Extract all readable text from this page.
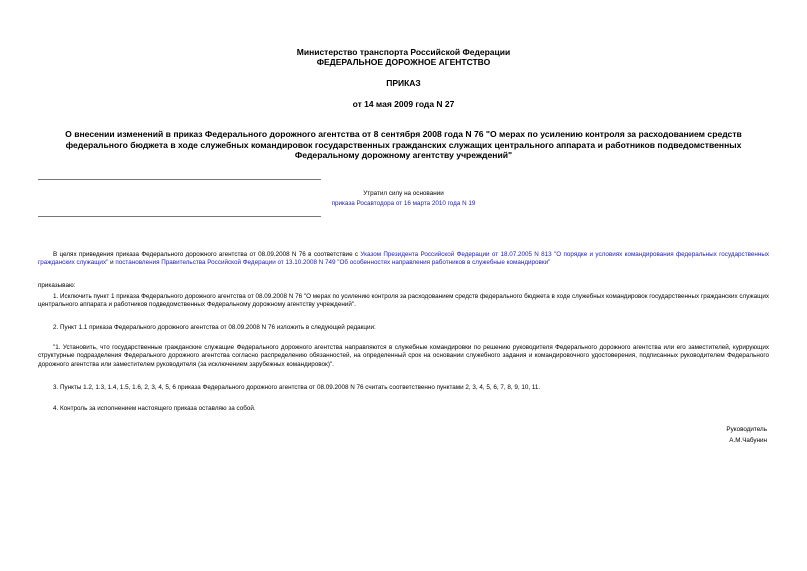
Министерство транспорта Российской Федерации
ФЕДЕРАЛЬНОЕ ДОРОЖНОЕ АГЕНТСТВО
ПРИКАЗ
от 14 мая 2009 года N 27
О внесении изменений в приказ Федерального дорожного агентства от 8 сентября 2008 года N 76 "О мерах по усилению контроля за расходованием средств федерального бюджета в ходе служебных командировок государственных гражданских служащих центрального аппарата и работников подведомственных Федеральному дорожному агентству учреждений"
Утратил силу на основании
приказа Росавтодора от 16 марта 2010 года N 19
В целях приведения приказа Федерального дорожного агентства от 08.09.2008 N 76 в соответствие с Указом Президента Российской Федерации от 18.07.2005 N 813 "О порядке и условиях командирования федеральных государственных гражданских служащих" и постановления Правительства Российской Федерации от 13.10.2008 N 749 "Об особенностях направления работников в служебные командировки"
приказываю:
1. Исключить пункт 1 приказа Федерального дорожного агентства от 08.09.2008 N 76 "О мерах по усилению контроля за расходованием средств федерального бюджета в ходе служебных командировок государственных гражданских служащих центрального аппарата и работников подведомственных Федеральному дорожному агентству учреждений".
2. Пункт 1.1 приказа Федерального дорожного агентства от 08.09.2008 N 76 изложить в следующей редакции:
"1. Установить, что государственные гражданские служащие Федерального дорожного агентства направляются в служебные командировки по решению руководителя Федерального дорожного агентства или его заместителей, курирующих структурные подразделения Федерального дорожного агентства согласно распределению обязанностей, на определенный срок на основании служебного задания и командировочного удостоверения, подписанных руководителем Федерального дорожного агентства или заместителем руководителя (за исключением зарубежных командировок)".
3. Пункты 1.2, 1.3, 1.4, 1.5, 1.6, 2, 3, 4, 5, 6 приказа Федерального дорожного агентства от 08.09.2008 N 76 считать соответственно пунктами 2, 3, 4, 5, 6, 7, 8, 9, 10, 11.
4. Контроль за исполнением настоящего приказа оставляю за собой.
Руководитель
А.М.Чабунин
